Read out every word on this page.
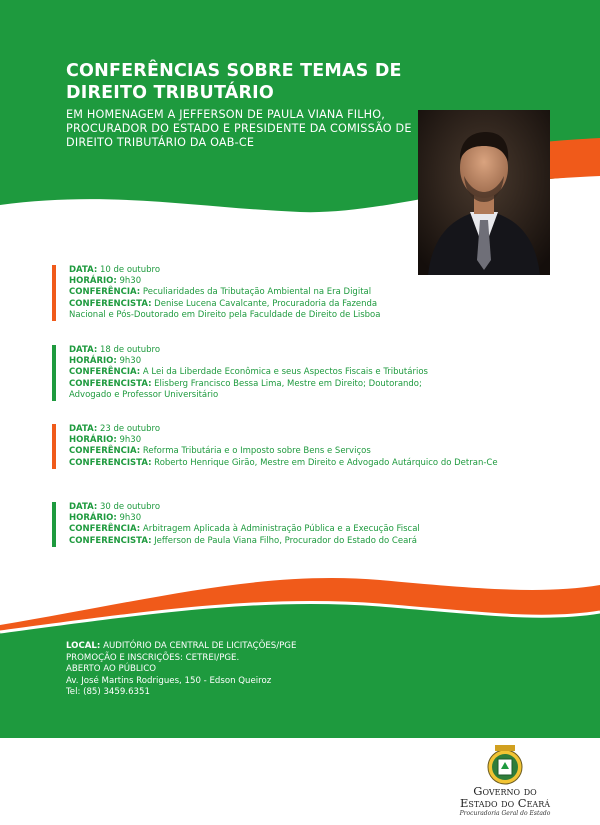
CONFERÊNCIAS SOBRE TEMAS DE DIREITO TRIBUTÁRIO

EM HOMENAGEM A JEFFERSON DE PAULA VIANA FILHO, PROCURADOR DO ESTADO E PRESIDENTE DA COMISSÃO DE DIREITO TRIBUTÁRIO DA OAB-CE

DATA: 10 de outubro
HORÁRIO: 9h30
CONFERÊNCIA: Peculiaridades da Tributação Ambiental na Era Digital
CONFERENCISTA: Denise Lucena Cavalcante, Procuradoria da Fazenda Nacional e Pós-Doutorado em Direito pela Faculdade de Direito de Lisboa
DATA: 18 de outubro
HORÁRIO: 9h30
CONFERÊNCIA: A Lei da Liberdade Econômica e seus Aspectos Fiscais e Tributários
CONFERENCISTA: Elisberg Francisco Bessa Lima, Mestre em Direito; Doutorando; Advogado e Professor Universitário
DATA: 23 de outubro
HORÁRIO: 9h30
CONFERÊNCIA: Reforma Tributária e o Imposto sobre Bens e Serviços
CONFERENCISTA: Roberto Henrique Girão, Mestre em Direito e Advogado Autárquico do Detran-Ce
DATA: 30 de outubro
HORÁRIO: 9h30
CONFERÊNCIA: Arbitragem Aplicada à Administração Pública e a Execução Fiscal
CONFERENCISTA: Jefferson de Paula Viana Filho, Procurador do Estado do Ceará
LOCAL: AUDITÓRIO DA CENTRAL DE LICITAÇÕES/PGE
PROMOÇÃO E INSCRIÇÕES: CETREI/PGE.
ABERTO AO PÚBLICO
Av. José Martins Rodrigues, 150 - Edson Queiroz
Tel: (85) 3459.6351
Governo do
Estado do Ceará
Procuradoria Geral do Estado
